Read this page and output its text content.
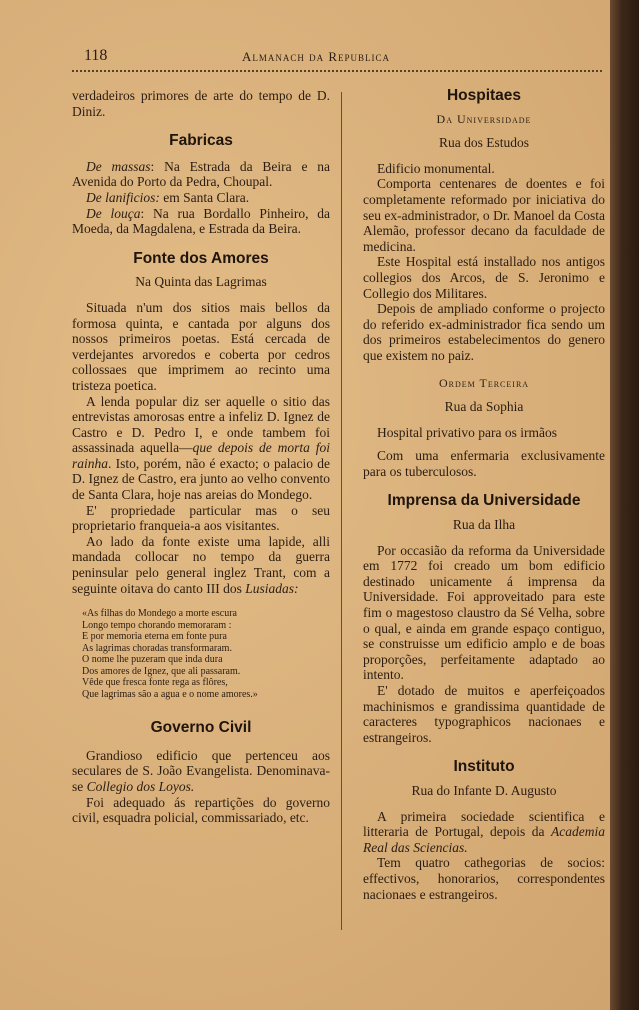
118	Almanach da Republica

verdadeiros primores de arte do tempo de D. Diniz.

Fabricas

De massas: Na Estrada da Beira e na Avenida do Porto da Pedra, Choupal.

De lanificios: em Santa Clara.

De louça: Na rua Bordallo Pinheiro, da Moeda, da Magdalena, e Estrada da Beira.

Fonte dos Amores

Na Quinta das Lagrimas

Situada n'um dos sitios mais bellos da formosa quinta, e cantada por alguns dos nossos primeiros poetas. Está cercada de verdejantes arvoredos e coberta por cedros collossaes que imprimem ao recinto uma tristeza poetica.

A lenda popular diz ser aquelle o sitio das entrevistas amorosas entre a infeliz D. Ignez de Castro e D. Pedro I, e onde tambem foi assassinada aquella—que depois de morta foi rainha. Isto, porém, não é exacto; o palacio de D. Ignez de Castro, era junto ao velho convento de Santa Clara, hoje nas areias do Mondego.

E' propriedade particular mas o seu proprietario franqueia-a aos visitantes.

Ao lado da fonte existe uma lapide, alli mandada collocar no tempo da guerra peninsular pelo general inglez Trant, com a seguinte oitava do canto III dos Lusiadas:

«As filhas do Mondego a morte escura
Longo tempo chorando memoraram :
E por memoria eterna em fonte pura
As lagrimas choradas transformaram.
O nome lhe puzeram que inda dura
Dos amores de Ignez, que ali passaram.
Vêde que fresca fonte rega as flôres,
Que lagrimas são a agua e o nome amores.»
Governo Civil

Grandioso edificio que pertenceu aos seculares de S. João Evangelista. Denominava-se Collegio dos Loyos.

Foi adequado ás repartições do governo civil, esquadra policial, commissariado, etc.

Hospitaes

Da Universidade

Rua dos Estudos

Edificio monumental.

Comporta centenares de doentes e foi completamente reformado por iniciativa do seu ex-administrador, o Dr. Manoel da Costa Alemão, professor decano da faculdade de medicina.

Este Hospital está installado nos antigos collegios dos Arcos, de S. Jeronimo e Collegio dos Militares.

Depois de ampliado conforme o projecto do referido ex-administrador fica sendo um dos primeiros estabelecimentos do genero que existem no paiz.

Ordem Terceira

Rua da Sophia

Hospital privativo para os irmãos

Com uma enfermaria exclusivamente para os tuberculosos.

Imprensa da Universidade

Rua da Ilha

Por occasião da reforma da Universidade em 1772 foi creado um bom edificio destinado unicamente á imprensa da Universidade. Foi approveitado para este fim o magestoso claustro da Sé Velha, sobre o qual, e ainda em grande espaço contiguo, se construisse um edificio amplo e de boas proporções, perfeitamente adaptado ao intento.

E' dotado de muitos e aperfeiçoados machinismos e grandissima quantidade de caracteres typographicos nacionaes e estrangeiros.

Instituto

Rua do Infante D. Augusto

A primeira sociedade scientifica e litteraria de Portugal, depois da Academia Real das Sciencias.

Tem quatro cathegorias de socios: effectivos, honorarios, correspondentes nacionaes e estrangeiros.
